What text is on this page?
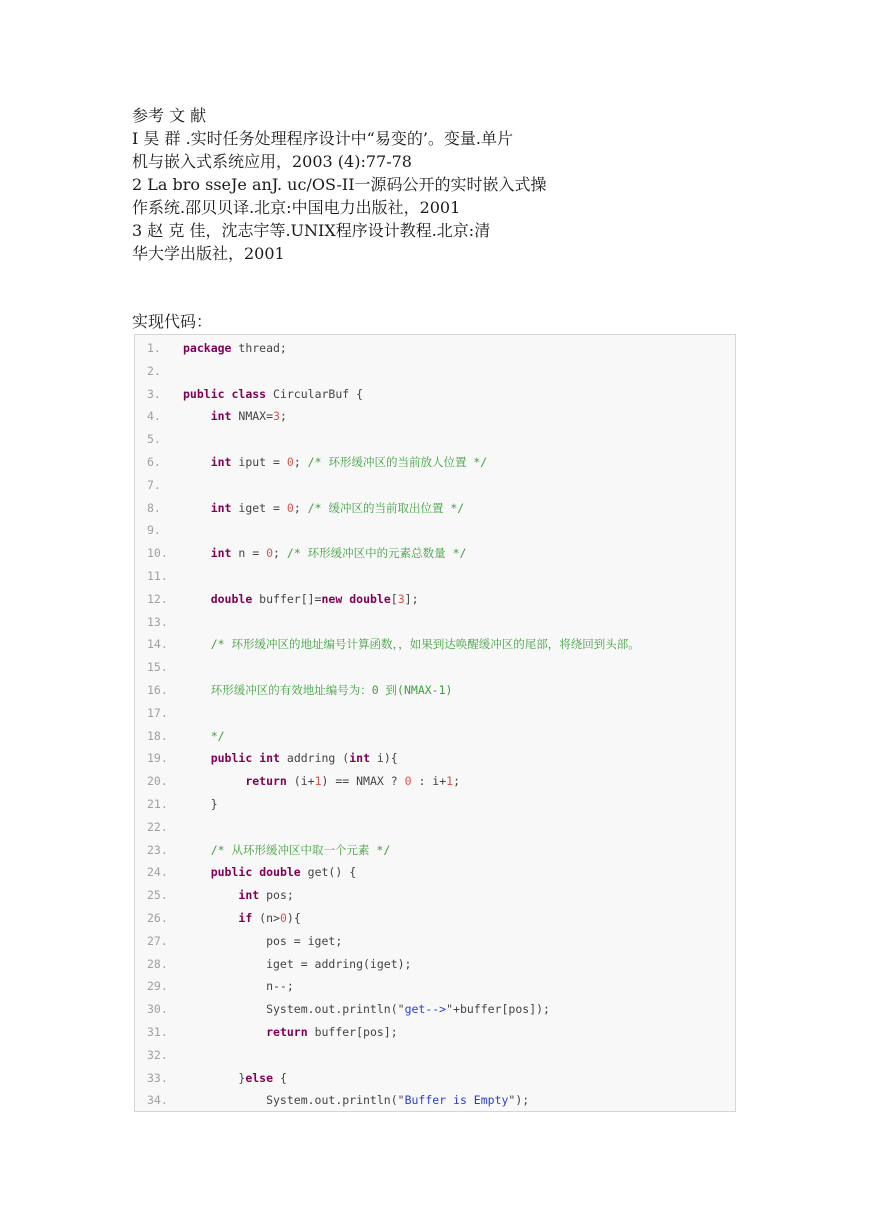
参考 文 献
I 昊 群 .实时任务处理程序设计中“易变的’。变量.单片
机与嵌入式系统应用，2003 (4):77-78
2 La bro sseJe anJ. uc/OS-II一源码公开的实时嵌入式操
作系统.邵贝贝译.北京:中国电力出版社，2001
3 赵 克 佳，沈志宇等.UNIX程序设计教程.北京:清
华大学出版社，2001
实现代码：
1. package thread;
2.
3. public class CircularBuf {
4.	int NMAX=3;
5.
6.	int iput = 0; /* 环形缓冲区的当前放人位置 */
7.
8.	int iget = 0; /* 缓冲区的当前取出位置 */
9.
10.	int n = 0; /* 环形缓冲区中的元素总数量 */
11.
12.	double buffer[]=new double[3];
13.
14.	/* 环形缓冲区的地址编号计算函数，，如果到达唤醒缓冲区的尾部，将绕回到头部。
15.
16.	环形缓冲区的有效地址编号为：0 到(NMAX-1)
17.
18.	*/
19.	public int addring (int i){
20.	return (i+1) == NMAX ? 0 : i+1;
21. }
22.
23.	/* 从环形缓冲区中取一个元素 */
24.	public double get() {
25.	int pos;
26.	if (n>0){
27. pos = iget;
28. iget = addring(iget);
29. n--;
30. System.out.println("get-->"+buffer[pos]);
31.	return buffer[pos];
32.
33. }else {
34. System.out.println("Buffer is Empty");
